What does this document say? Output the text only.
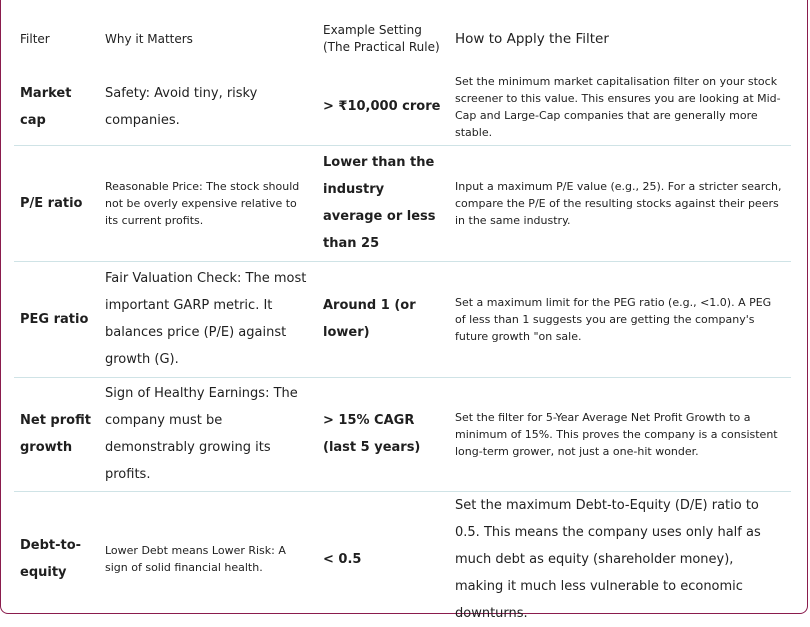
Filter	Why it Matters	Example Setting (The Practical Rule)	How to Apply the Filter
Market cap	Safety: Avoid tiny, risky companies.	> ₹10,000 crore	Set the minimum market capitalisation filter on your stock screener to this value. This ensures you are looking at Mid-Cap and Large-Cap companies that are generally more stable.
P/E ratio	Reasonable Price: The stock should not be overly expensive relative to its current profits.	Lower than the industry average or less than 25	Input a maximum P/E value (e.g., 25). For a stricter search, compare the P/E of the resulting stocks against their peers in the same industry.
PEG ratio	Fair Valuation Check: The most important GARP metric. It balances price (P/E) against growth (G).	Around 1 (or lower)	Set a maximum limit for the PEG ratio (e.g., <1.0). A PEG of less than 1 suggests you are getting the company's future growth "on sale.
Net profit growth	Sign of Healthy Earnings: The company must be demonstrably growing its profits.	> 15% CAGR (last 5 years)	Set the filter for 5-Year Average Net Profit Growth to a minimum of 15%. This proves the company is a consistent long-term grower, not just a one-hit wonder.
Debt-to-equity	Lower Debt means Lower Risk: A sign of solid financial health.	< 0.5	Set the maximum Debt-to-Equity (D/E) ratio to 0.5. This means the company uses only half as much debt as equity (shareholder money), making it much less vulnerable to economic downturns.
